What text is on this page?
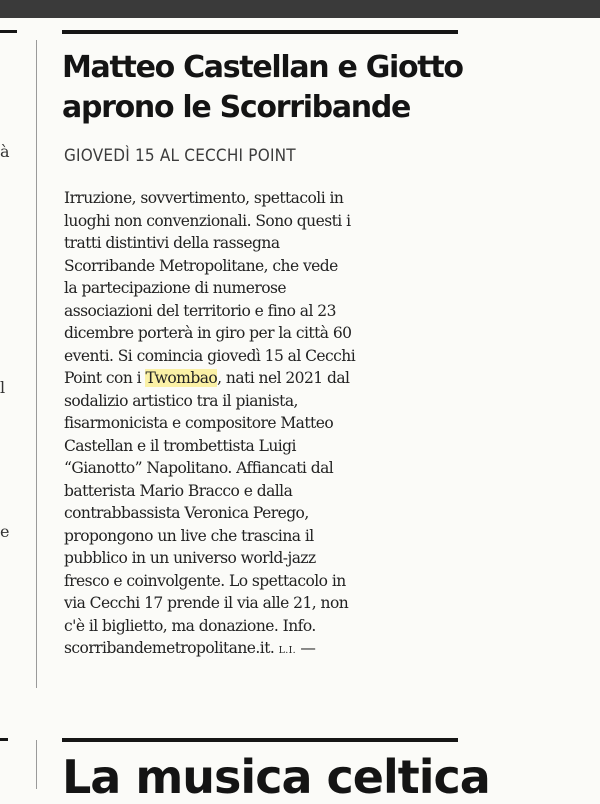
à
l
e
Matteo Castellan e Giotto
aprono le Scorribande

GIOVEDÌ 15 AL CECCHI POINT

Irruzione, sovvertimento, spettacoli in
luoghi non convenzionali. Sono questi i
tratti distintivi della rassegna
Scorribande Metropolitane, che vede
la partecipazione di numerose
associazioni del territorio e fino al 23
dicembre porterà in giro per la città 60
eventi. Si comincia giovedì 15 al Cecchi
Point con i Twombao, nati nel 2021 dal
sodalizio artistico tra il pianista,
fisarmonicista e compositore Matteo
Castellan e il trombettista Luigi
“Gianotto” Napolitano. Affiancati dal
batterista Mario Bracco e dalla
contrabbassista Veronica Perego,
propongono un live che trascina il
pubblico in un universo world-jazz
fresco e coinvolgente. Lo spettacolo in
via Cecchi 17 prende il via alle 21, non
c'è il biglietto, ma donazione. Info.
scorribandemetropolitane.it. L.I. —
La musica celtica
